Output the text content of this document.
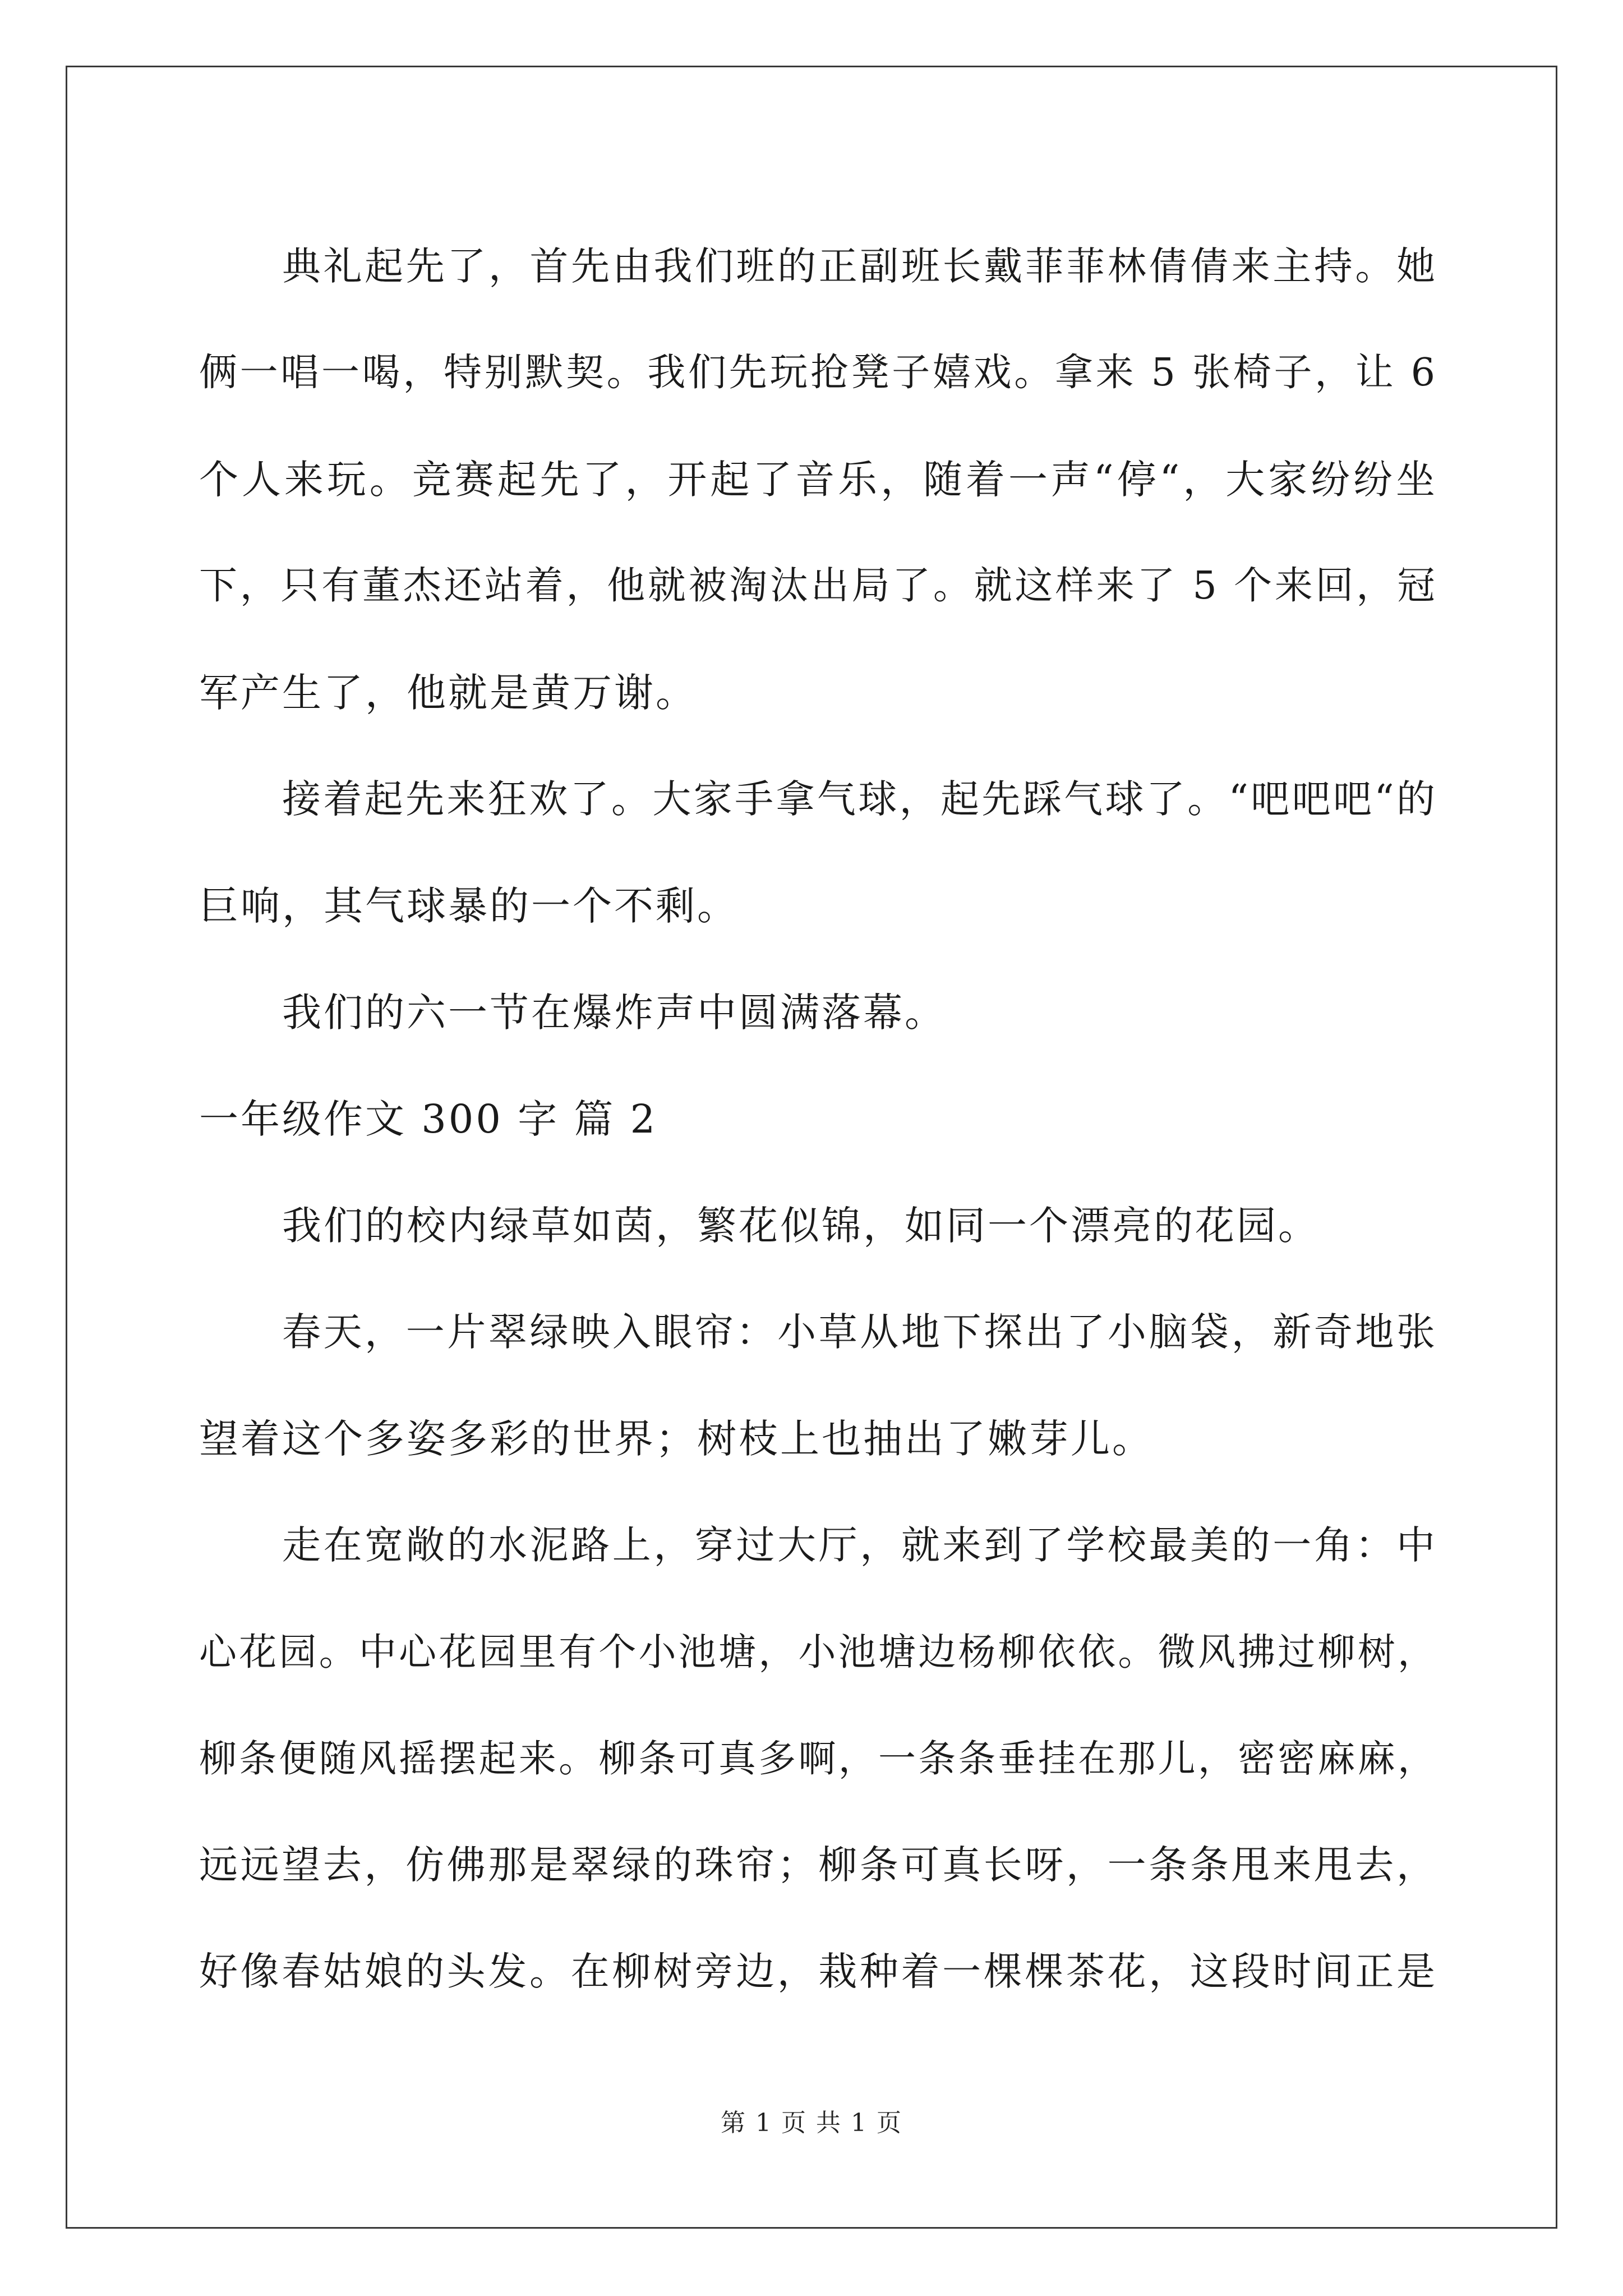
典礼起先了，首先由我们班的正副班长戴菲菲林倩倩来主持。她
俩一唱一喝，特别默契。我们先玩抢凳子嬉戏。拿来 5 张椅子，让 6
个人来玩。竞赛起先了，开起了音乐，随着一声“停“，大家纷纷坐
下，只有董杰还站着，他就被淘汰出局了。就这样来了 5 个来回，冠
军产生了，他就是黄万谢。
接着起先来狂欢了。大家手拿气球，起先踩气球了。“吧吧吧“的
巨响，其气球暴的一个不剩。
我们的六一节在爆炸声中圆满落幕。
一年级作文 300 字 篇 2
我们的校内绿草如茵，繁花似锦，如同一个漂亮的花园。
春天，一片翠绿映入眼帘：小草从地下探出了小脑袋，新奇地张
望着这个多姿多彩的世界；树枝上也抽出了嫩芽儿。
走在宽敞的水泥路上，穿过大厅，就来到了学校最美的一角：中
心花园。中心花园里有个小池塘，小池塘边杨柳依依。微风拂过柳树，
柳条便随风摇摆起来。柳条可真多啊，一条条垂挂在那儿，密密麻麻，
远远望去，仿佛那是翠绿的珠帘；柳条可真长呀，一条条甩来甩去，
好像春姑娘的头发。在柳树旁边，栽种着一棵棵茶花，这段时间正是
第 1 页 共 1 页
